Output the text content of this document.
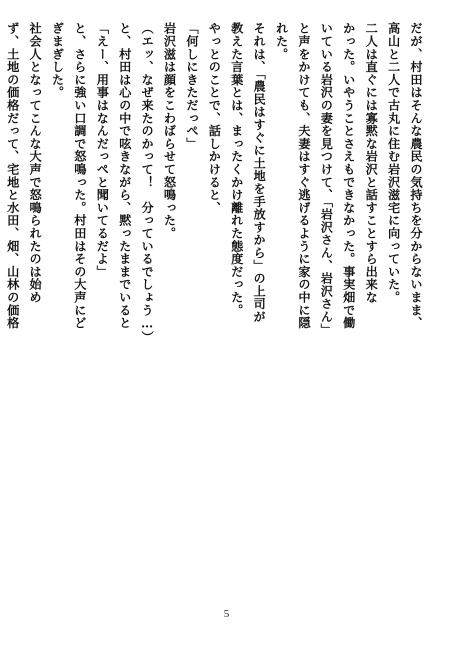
だが、村田はそんな農民の気持ちを分からないまま、
高山と二人で古丸に住む岩沢滋宅に向っていた。
二人は直ぐには寡黙な岩沢と話すことすら出来な
かった。いやうことさえもできなかった。事実畑で働
いている岩沢の妻を見つけて、「岩沢さん、岩沢さん」
と声をかけても、夫妻はすぐ逃げるように家の中に隠
れた。
それは、「農民はすぐに土地を手放すから」の上司が
教えた言葉とは、まったくかけ離れた態度だった。
やっとのことで、話しかけると、
「何しにきただっぺ」
岩沢滋は顔をこわばらせて怒鳴った。
（エッ、なぜ来たのかって！　分っているでしょう…）
と、村田は心の中で呟きながら、黙ったままでいると
「えー、用事はなんだっぺと聞いてるだよ」
と、さらに強い口調で怒鳴った。村田はその大声にど
ぎまぎした。
社会人となってこんな大声で怒鳴られたのは始め
ず、土地の価格だって、宅地と水田、畑、山林の価格
5
